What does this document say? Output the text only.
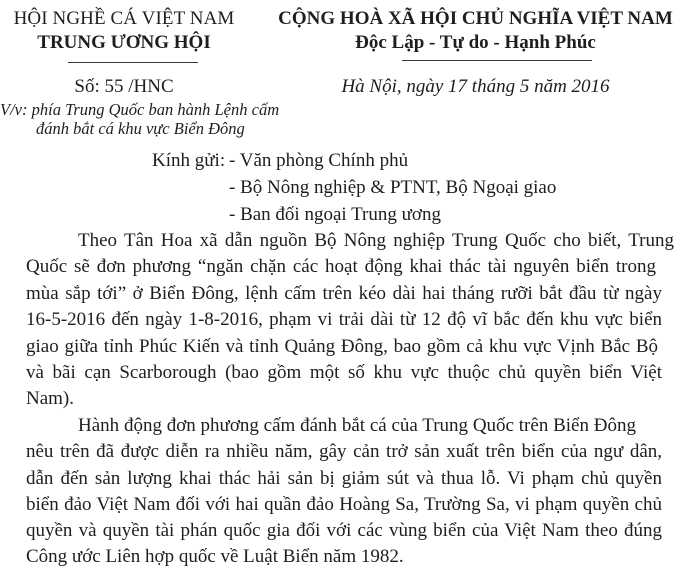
HỘI NGHỀ CÁ VIỆT NAM
TRUNG ƯƠNG HỘI
Số: 55 /HNC
V/v: phía Trung Quốc ban hành Lệnh cấm
đánh bắt cá khu vực Biển Đông
CỘNG HOÀ XÃ HỘI CHỦ NGHĨA VIỆT NAM
Độc Lập - Tự do - Hạnh Phúc
Hà Nội, ngày 17 tháng 5 năm 2016
Kính gửi: - Văn phòng Chính phủ
- Bộ Nông nghiệp & PTNT, Bộ Ngoại giao
- Ban đối ngoại Trung ương
Theo Tân Hoa xã dẫn nguồn Bộ Nông nghiệp Trung Quốc cho biết, Trung
Quốc sẽ đơn phương “ngăn chặn các hoạt động khai thác tài nguyên biển trong
mùa sắp tới” ở Biển Đông, lệnh cấm trên kéo dài hai tháng rưỡi bắt đầu từ ngày
16-5-2016 đến ngày 1-8-2016, phạm vi trải dài từ 12 độ vĩ bắc đến khu vực biển
giao giữa tỉnh Phúc Kiến và tỉnh Quảng Đông, bao gồm cả khu vực Vịnh Bắc Bộ
và bãi cạn Scarborough (bao gồm một số khu vực thuộc chủ quyền biển Việt
Nam).
Hành động đơn phương cấm đánh bắt cá của Trung Quốc trên Biển Đông
nêu trên đã được diễn ra nhiều năm, gây cản trở sản xuất trên biển của ngư dân,
dẫn đến sản lượng khai thác hải sản bị giảm sút và thua lỗ. Vi phạm chủ quyền
biển đảo Việt Nam đối với hai quần đảo Hoàng Sa, Trường Sa, vi phạm quyền chủ
quyền và quyền tài phán quốc gia đối với các vùng biển của Việt Nam theo đúng
Công ước Liên hợp quốc về Luật Biển năm 1982.
